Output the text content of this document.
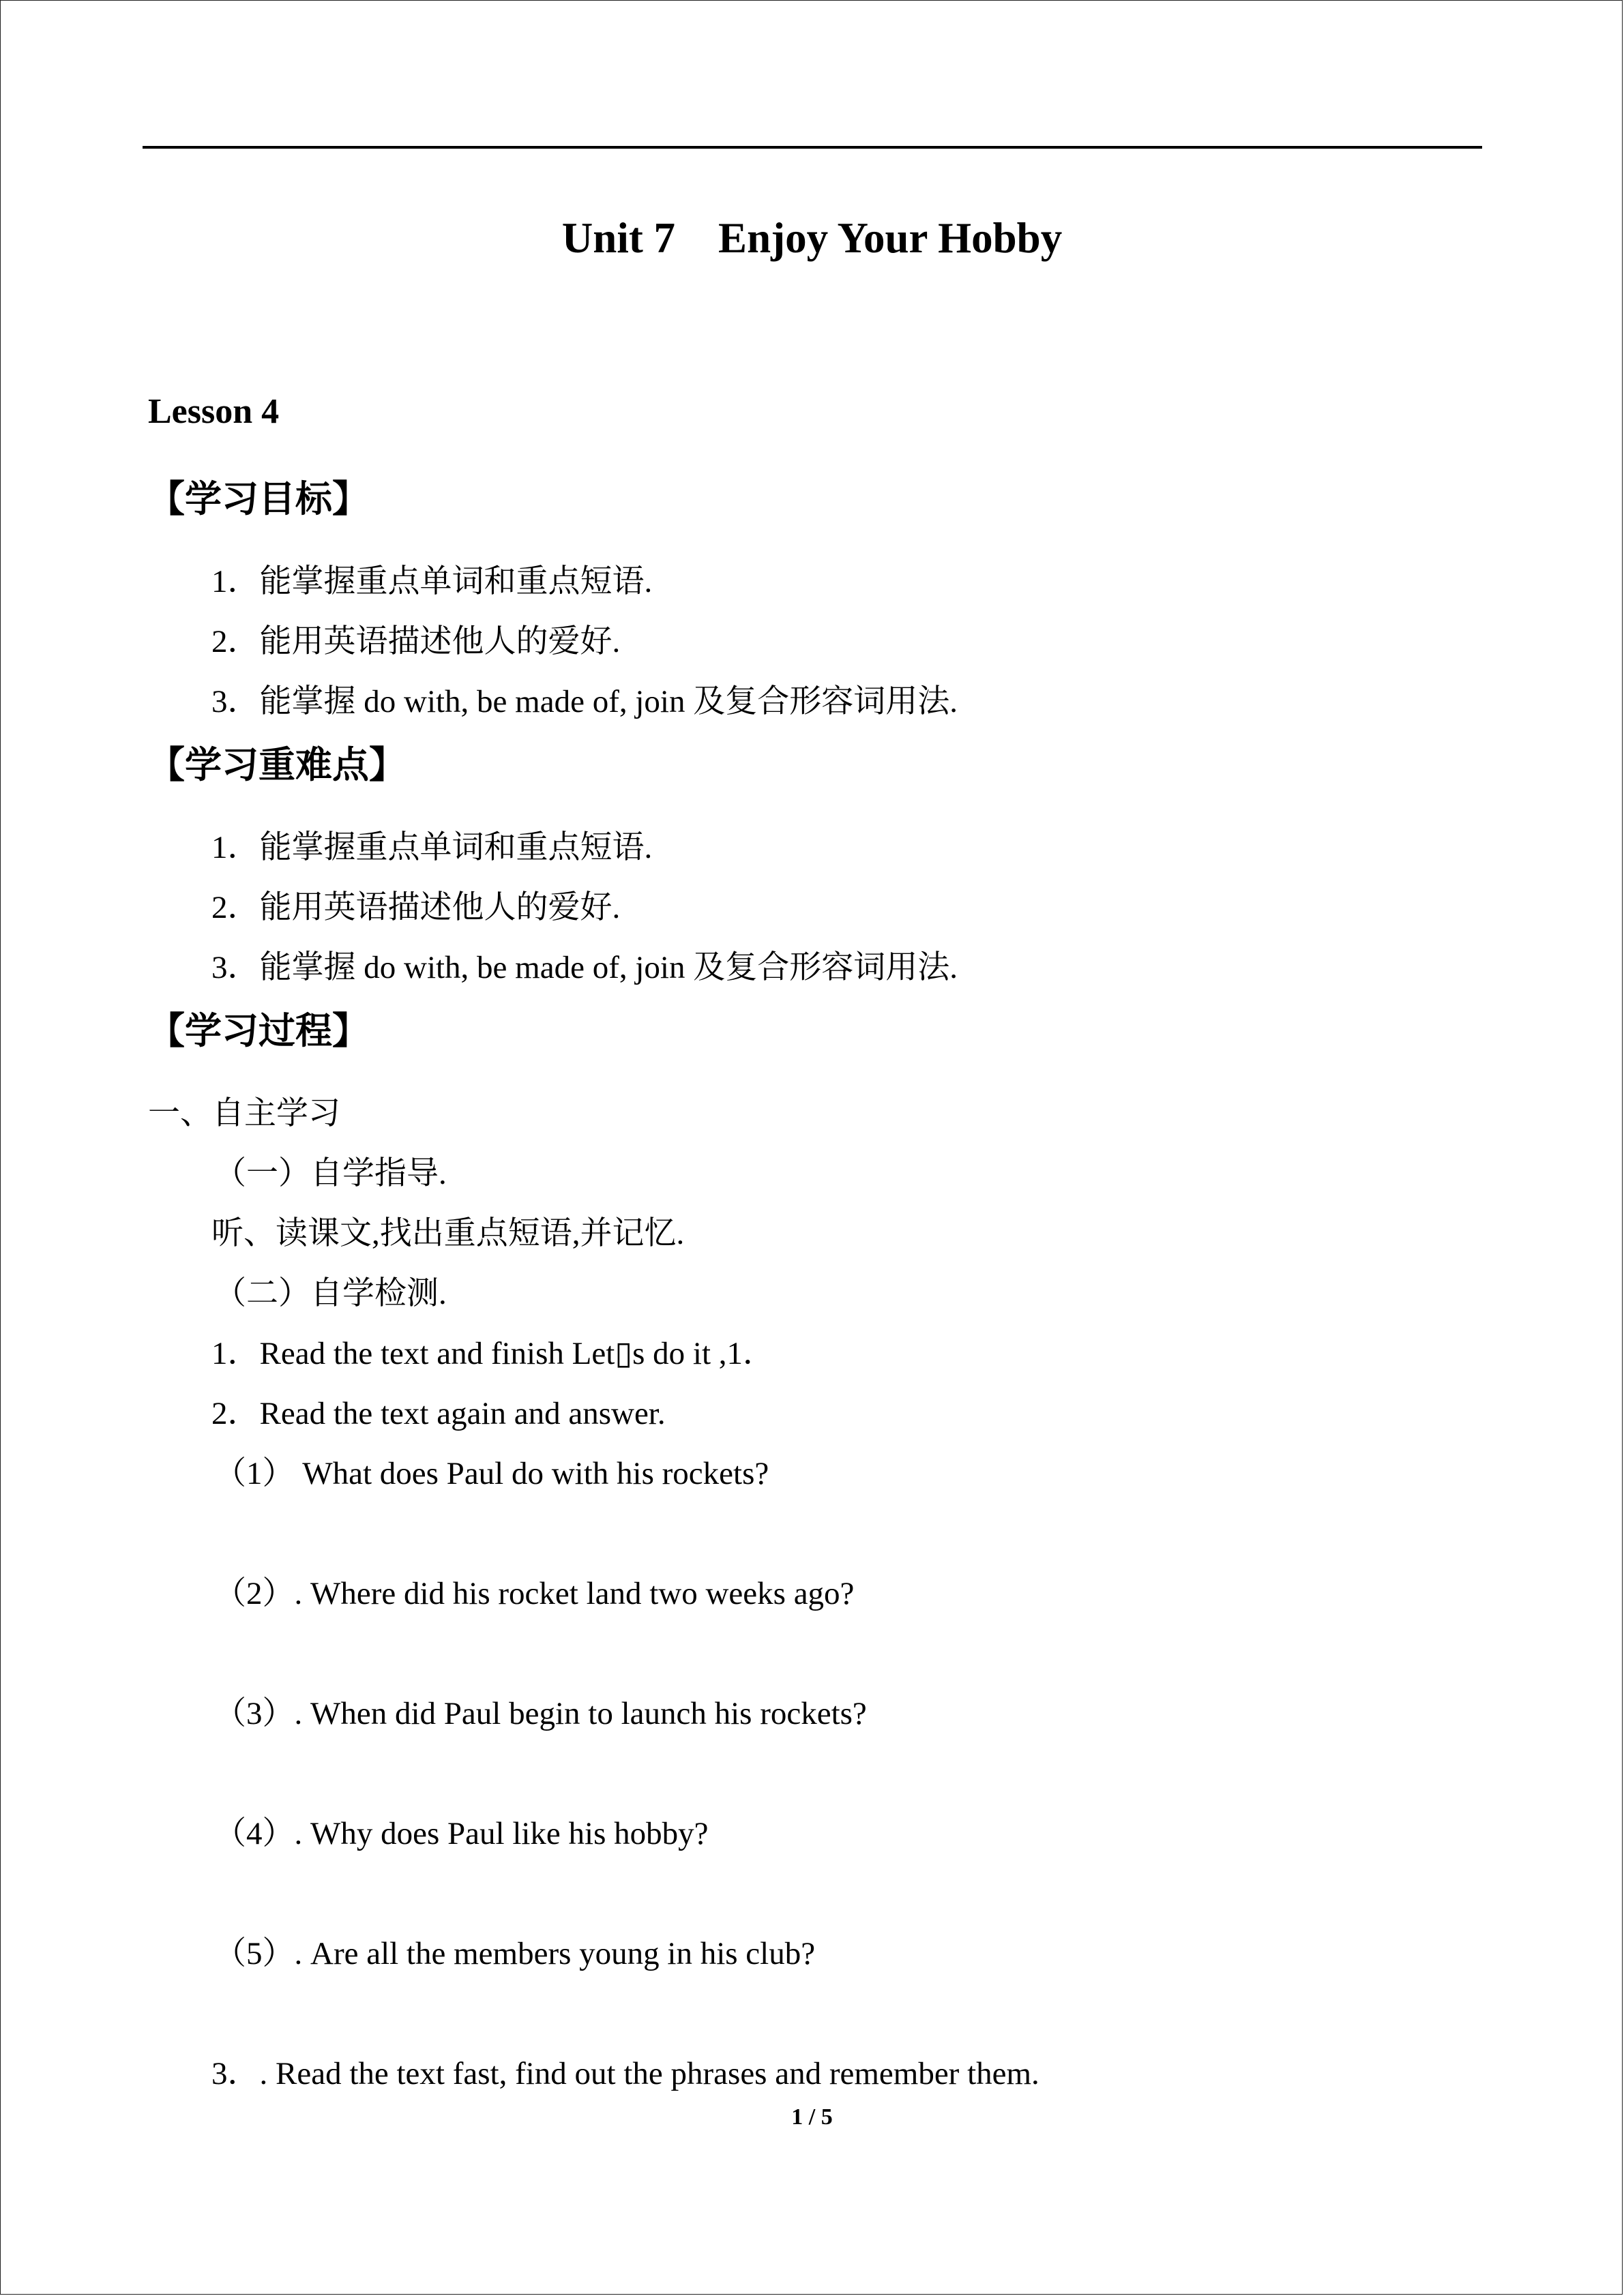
Unit 7    Enjoy Your Hobby
Lesson 4
【学习目标】
1．能掌握重点单词和重点短语.
2．能用英语描述他人的爱好.
3．能掌握 do with, be made of, join 及复合形容词用法.
【学习重难点】
1．能掌握重点单词和重点短语.
2．能用英语描述他人的爱好.
3．能掌握 do with, be made of, join 及复合形容词用法.
【学习过程】
一、自主学习
（一）自学指导.
听、读课文,找出重点短语,并记忆.
（二）自学检测.
1．Read the text and finish Let▯s do it ,1．
2．Read the text again and answer.
（1） What does Paul do with his rockets?
（2）. Where did his rocket land two weeks ago?
（3）. When did Paul begin to launch his rockets?
（4）. Why does Paul like his hobby?
（5）. Are all the members young in his club?
3．. Read the text fast, find out the phrases and remember them.
1 / 5
